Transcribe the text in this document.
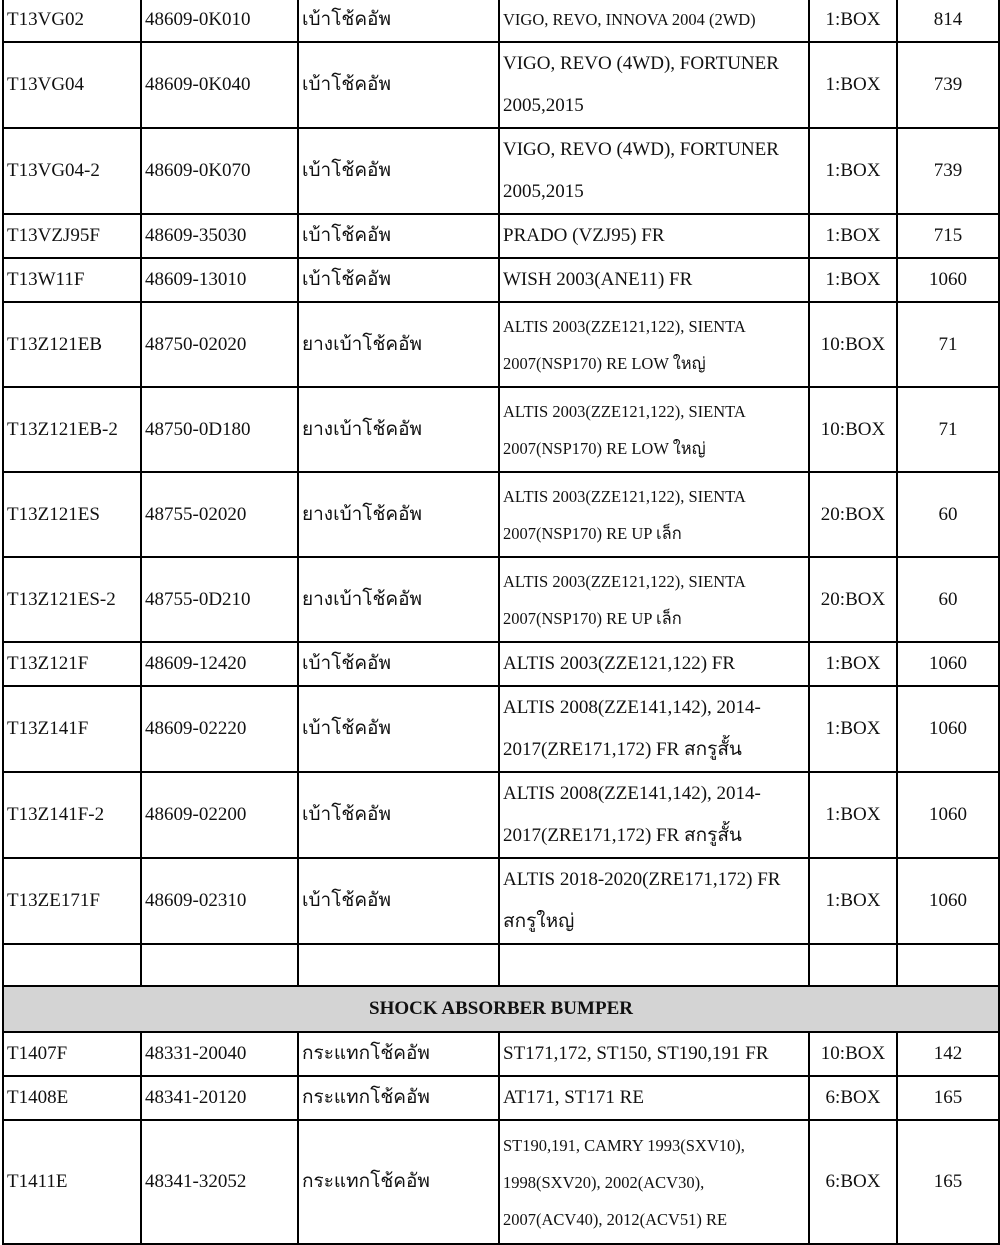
T13VG02	48609-0K010	เบ้าโช้คอัพ	VIGO, REVO, INNOVA 2004 (2WD)	1:BOX	814
T13VG04	48609-0K040	เบ้าโช้คอัพ	VIGO, REVO (4WD), FORTUNER 2005,2015	1:BOX	739
T13VG04-2	48609-0K070	เบ้าโช้คอัพ	VIGO, REVO (4WD), FORTUNER 2005,2015	1:BOX	739
T13VZJ95F	48609-35030	เบ้าโช้คอัพ	PRADO (VZJ95) FR	1:BOX	715
T13W11F	48609-13010	เบ้าโช้คอัพ	WISH 2003(ANE11) FR	1:BOX	1060
T13Z121EB	48750-02020	ยางเบ้าโช้คอัพ	ALTIS 2003(ZZE121,122), SIENTA 2007(NSP170) RE LOW ใหญ่	10:BOX	71
T13Z121EB-2	48750-0D180	ยางเบ้าโช้คอัพ	ALTIS 2003(ZZE121,122), SIENTA 2007(NSP170) RE LOW ใหญ่	10:BOX	71
T13Z121ES	48755-02020	ยางเบ้าโช้คอัพ	ALTIS 2003(ZZE121,122), SIENTA 2007(NSP170) RE UP เล็ก	20:BOX	60
T13Z121ES-2	48755-0D210	ยางเบ้าโช้คอัพ	ALTIS 2003(ZZE121,122), SIENTA 2007(NSP170) RE UP เล็ก	20:BOX	60
T13Z121F	48609-12420	เบ้าโช้คอัพ	ALTIS 2003(ZZE121,122) FR	1:BOX	1060
T13Z141F	48609-02220	เบ้าโช้คอัพ	ALTIS 2008(ZZE141,142), 2014-2017(ZRE171,172) FR สกรูสั้น	1:BOX	1060
T13Z141F-2	48609-02200	เบ้าโช้คอัพ	ALTIS 2008(ZZE141,142), 2014-2017(ZRE171,172) FR สกรูสั้น	1:BOX	1060
T13ZE171F	48609-02310	เบ้าโช้คอัพ	ALTIS 2018-2020(ZRE171,172) FR สกรูใหญ่	1:BOX	1060

SHOCK ABSORBER BUMPER					
T1407F	48331-20040	กระแทกโช้คอัพ	ST171,172, ST150, ST190,191 FR	10:BOX	142
T1408E	48341-20120	กระแทกโช้คอัพ	AT171, ST171 RE	6:BOX	165
T1411E	48341-32052	กระแทกโช้คอัพ	ST190,191, CAMRY 1993(SXV10), 1998(SXV20), 2002(ACV30), 2007(ACV40), 2012(ACV51) RE	6:BOX	165
